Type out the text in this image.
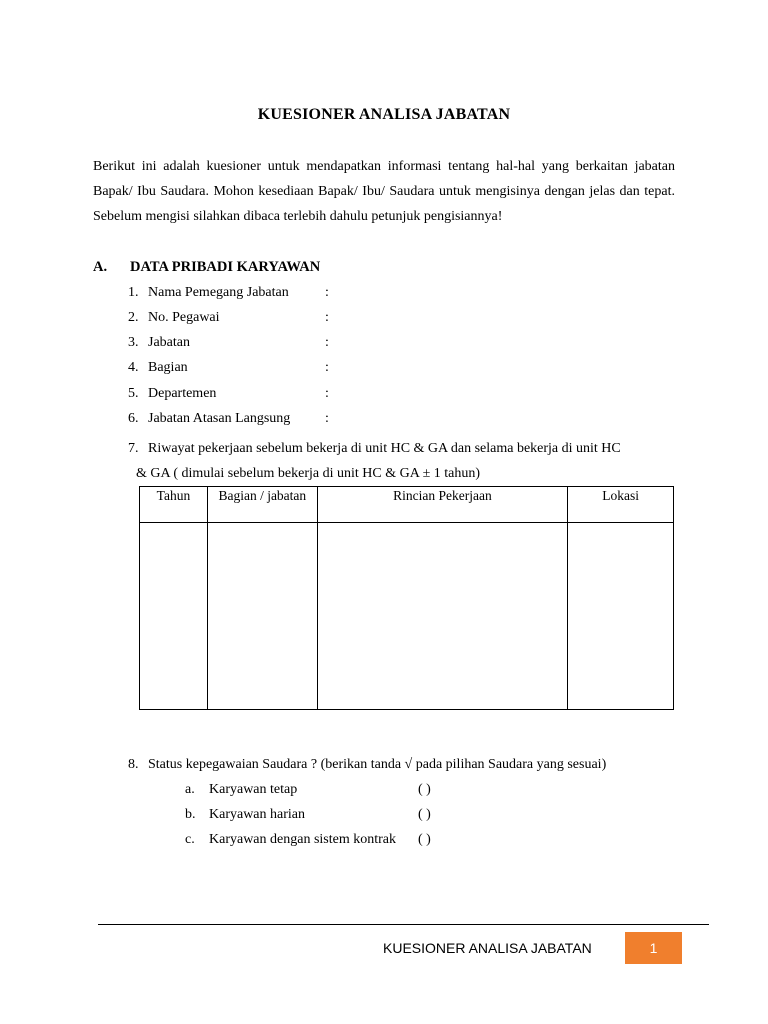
KUESIONER ANALISA JABATAN
Berikut ini adalah kuesioner untuk mendapatkan informasi tentang hal-hal yang berkaitan jabatan Bapak/ Ibu Saudara. Mohon kesediaan Bapak/ Ibu/ Saudara untuk mengisinya dengan jelas dan tepat. Sebelum mengisi silahkan dibaca terlebih dahulu petunjuk pengisiannya!
A. DATA PRIBADI KARYAWAN
1. Nama Pemegang Jabatan	:
2. No. Pegawai	:
3. Jabatan	:
4. Bagian	:
5. Departemen	:
6. Jabatan Atasan Langsung :
7. Riwayat pekerjaan sebelum bekerja di unit HC & GA dan selama bekerja di unit HC
& GA ( dimulai sebelum bekerja di unit HC & GA ± 1 tahun)
Tahun	Bagian / jabatan	Rincian Pekerjaan	Lokasi

8. Status kepegawaian Saudara ? (berikan tanda √ pada pilihan Saudara yang sesuai)
a. Karyawan tetap	( )
b. Karyawan harian	( )
c. Karyawan dengan sistem kontrak ( )
KUESIONER ANALISA JABATAN	1
